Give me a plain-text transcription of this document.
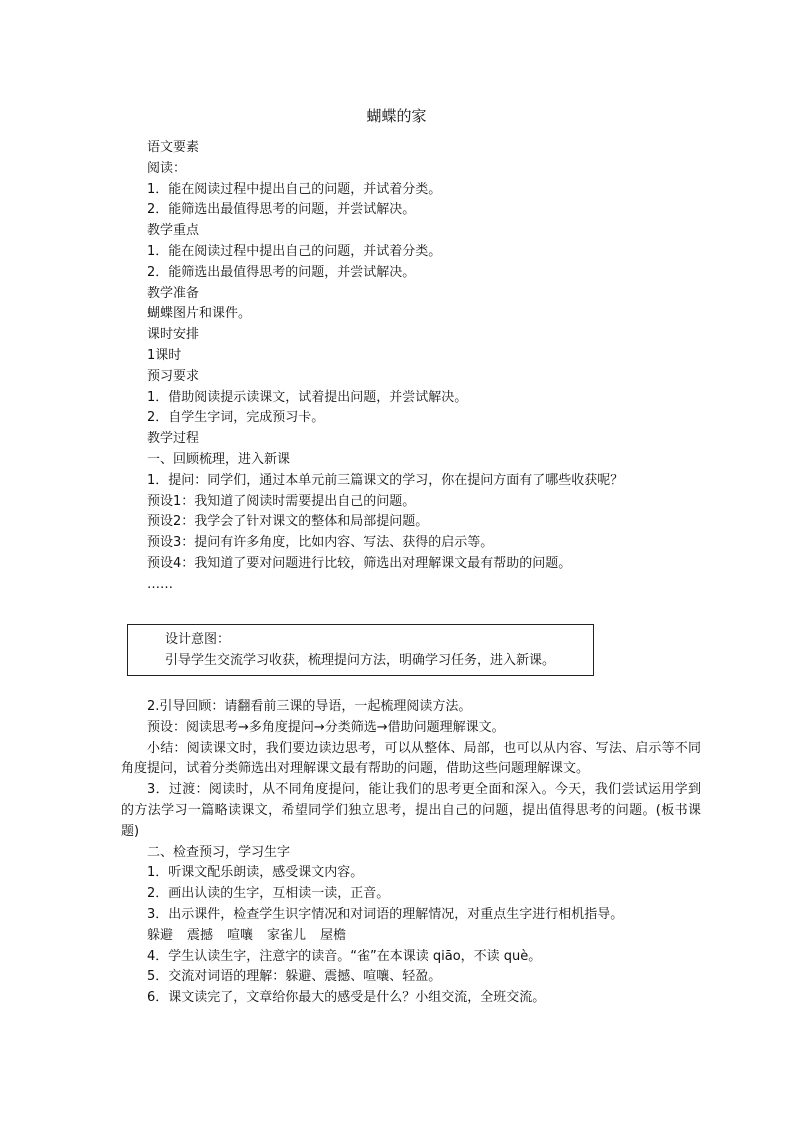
蝴蝶的家
语文要素
阅读：
1．能在阅读过程中提出自己的问题，并试着分类。
2．能筛选出最值得思考的问题，并尝试解决。
教学重点
1．能在阅读过程中提出自己的问题，并试着分类。
2．能筛选出最值得思考的问题，并尝试解决。
教学准备
蝴蝶图片和课件。
课时安排
1课时
预习要求
1．借助阅读提示读课文，试着提出问题，并尝试解决。
2．自学生字词，完成预习卡。
教学过程
一、回顾梳理，进入新课
1．提问：同学们，通过本单元前三篇课文的学习，你在提问方面有了哪些收获呢？
预设1：我知道了阅读时需要提出自己的问题。
预设2：我学会了针对课文的整体和局部提问题。
预设3：提问有许多角度，比如内容、写法、获得的启示等。
预设4：我知道了要对问题进行比较，筛选出对理解课文最有帮助的问题。
……
设计意图：
引导学生交流学习收获，梳理提问方法，明确学习任务，进入新课。
2.引导回顾：请翻看前三课的导语，一起梳理阅读方法。
预设：阅读思考→多角度提问→分类筛选→借助问题理解课文。
小结：阅读课文时，我们要边读边思考，可以从整体、局部，也可以从内容、写法、启示等不同角度提问，试着分类筛选出对理解课文最有帮助的问题，借助这些问题理解课文。
3．过渡：阅读时，从不同角度提问，能让我们的思考更全面和深入。今天，我们尝试运用学到的方法学习一篇略读课文，希望同学们独立思考，提出自己的问题，提出值得思考的问题。(板书课题)
二、检查预习，学习生字
1．听课文配乐朗读，感受课文内容。
2．画出认读的生字，互相读一读，正音。
3．出示课件，检查学生识字情况和对词语的理解情况，对重点生字进行相机指导。
躲避 震撼 喧嚷 家雀儿 屋檐
4．学生认读生字，注意字的读音。“雀”在本课读 qiāo，不读 què。
5．交流对词语的理解：躲避、震撼、喧嚷、轻盈。
6．课文读完了，文章给你最大的感受是什么？小组交流，全班交流。
